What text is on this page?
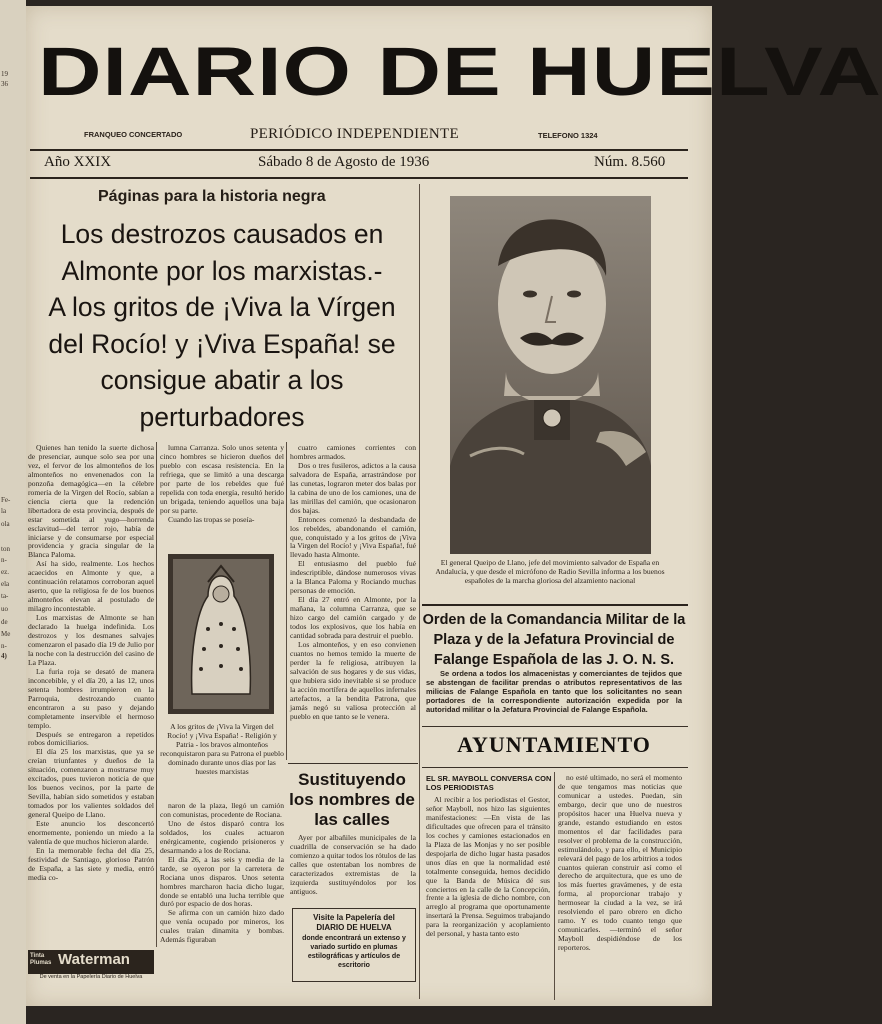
19
36
Fe-
la
ola
ton
n-
ez.
ela
ta-
uo
de
Me
n-
4)
DIARIO DE HUELVA
FRANQUEO CONCERTADO	PERIÓDICO INDEPENDIENTE	TELEFONO 1324
Año XXIX	Sábado 8 de Agosto de 1936	Núm. 8.560
Páginas para la historia negra
Los destrozos causados en
Almonte por los marxistas.-
A los gritos de ¡Viva la Vírgen
del Rocío! y ¡Viva España! se
consigue abatir a los
perturbadores

Quienes han tenido la suerte dichosa de presenciar, aunque solo sea por una vez, el fervor de los almonteños de los almonteños no envenenados con la ponzoña demagógica—en la célebre romería de la Virgen del Rocío, sabían a ciencia cierta que la redención libertadora de esta provincia, después de estar sometida al yugo—horrenda esclavitud—del terror rojo, había de iniciarse y de consumarse por especial providencia y gracia singular de la Blanca Paloma.

Así ha sido, realmente. Los hechos acaecidos en Almonte y que, a continuación relatamos corroboran aquel aserto, que la religiosa fe de los buenos almonteños elevan al postulado de milagro incontestable.

Los marxistas de Almonte se han declarado la huelga indefinida. Los destrozos y los desmanes salvajes comenzaron el pasado día 19 de Julio por la noche con la destrucción del casino de La Plaza.

La furia roja se desató de manera inconcebible, y el día 20, a las 12, unos setenta hombres irrumpieron en la Parroquia, destrozando cuanto encontraron a su paso y dejando completamente inservible el hermoso templo.

Después se entregaron a repetidos robos domiciliarios.

El día 25 los marxistas, que ya se creían triunfantes y dueños de la situación, comenzaron a mostrarse muy excitados, pues tuvieron noticia de que los buenos vecinos, por la parte de Sevilla, habían sido sometidos y estaban tomados por los valientes soldados del general Queipo de Llano.

Este anuncio los desconcertó enormemente, poniendo un miedo a la valentía de que muchos hicieron alarde.

En la memorable fecha del día 25, festividad de Santiago, glorioso Patrón de España, a las siete y media, entró media co-

lumna Carranza. Solo unos setenta y cinco hombres se hicieron dueños del pueblo con escasa resistencia. En la refriega, que se limitó a una descarga por parte de los rebeldes que fué repelida con toda energía, resultó herido un brigada, teniendo aquellos una baja por su parte.

Cuando las tropas se poseía-

A los gritos de ¡Viva la Virgen del Rocío! y ¡Viva España! - Religión y Patria - los bravos almonteños reconquistaron para su Patrona el pueblo dominado durante unos días por las huestes marxistas

naron de la plaza, llegó un camión con comunistas, procedente de Rociana.

Uno de éstos disparó contra los soldados, los cuales actuaron enérgicamente, cogiendo prisioneros y desarmando a los de Rociana.

El día 26, a las seis y media de la tarde, se oyeron por la carretera de Rociana unos disparos. Unos setenta hombres marcharon hacia dicho lugar, donde se entabló una lucha terrible que duró por espacio de dos horas.

Se afirma con un camión hizo dado que venía ocupado por mineros, los cuales traían dinamita y bombas. Además figuraban

cuatro camiones corrientes con hombres armados.

Dos o tres fusileros, adictos a la causa salvadora de España, arrastrándose por las cunetas, lograron meter dos balas por la cabina de uno de los camiones, una de las mirillas del camión, que ocasionaron dos bajas.

Entonces comenzó la desbandada de los rebeldes, abandonando el camión, que, conquistado y a los gritos de ¡Viva la Virgen del Rocío! y ¡Viva España!, fué llevado hasta Almonte.

El entusiasmo del pueblo fué indescriptible, dándose numerosos vivas a la Blanca Paloma y Rociando muchas personas de emoción.

El día 27 entró en Almonte, por la mañana, la columna Carranza, que se hizo cargo del camión cargado y de todos los explosivos, que los había en cantidad sobrada para destruir el pueblo.

Los almonteños, y en eso convienen cuantos no hemos temido la muerte de perder la fe religiosa, atribuyen la salvación de sus hogares y de sus vidas, que hubiera sido inevitable si se produce la acción mortífera de aquellos infernales artefactos, a la bendita Patrona, que jamás negó su valiosa protección al pueblo en que tanto se le venera.

Sustituyendo los nombres de las calles

Ayer por albañiles municipales de la cuadrilla de conservación se ha dado comienzo a quitar todos los rótulos de las calles que ostentaban los nombres de caracterizados extremistas de la izquierda sustituyéndolos por los antiguos.

Visite la Papelería del
DIARIO DE HUELVA
donde encontrará un extenso y variado surtido en plumas estilográficas y artículos de escritorio
Tinta Plumas Waterman
De venta en la Papelería Diario de Huelva
El general Queipo de Llano, jefe del movimiento salvador de España en Andalucía, y que desde el micrófono de Radio Sevilla informa a los buenos españoles de la marcha gloriosa del alzamiento nacional
Orden de la Comandancia Militar de la Plaza y de la Jefatura Provincial de Falange Española de las J. O. N. S.
Se ordena a todos los almacenistas y comerciantes de tejidos que se abstengan de facilitar prendas o atributos representativos de las milicias de Falange Española en tanto que los solicitantes no sean portadores de la correspondiente autorización expedida por la autoridad militar o la Jefatura Provincial de Falange Española.
AYUNTAMIENTO
EL SR. MAYBOLL CONVERSA CON LOS PERIODISTAS

Al recibir a los periodistas el Gestor, señor Mayboll, nos hizo las siguientes manifestaciones: —En vista de las dificultades que ofrecen para el tránsito los coches y camiones estacionados en la Plaza de las Monjas y no ser posible despojarla de dicho lugar hasta pasados unos días en que la normalidad esté totalmente conseguida, hemos decidido que la Banda de Música dé sus conciertos en la calle de la Concepción, frente a la iglesia de dicho nombre, con arreglo al programa que oportunamente insertará la Prensa. Seguimos trabajando para la reorganización y acoplamiento del personal, y hasta tanto esto

no esté ultimado, no será el momento de que tengamos mas noticias que comunicar a ustedes. Puedan, sin embargo, decir que uno de nuestros propósitos hacer una Huelva nueva y grande, estando estudiando en estos momentos el dar facilidades para resolver el problema de la construcción, estimulándolo, y para ello, el Municipio relevará del pago de los arbitrios a todos cuantos quieran construir así como el derecho de arquitectura, que es uno de los más fuertes gravámenes, y de esta forma, al proporcionar trabajo y hermosear la ciudad a la vez, se irá resolviendo el paro obrero en dicho ramo. Y es todo cuanto tengo que comunicarles. —terminó el señor Mayboll despidiéndose de los reporteros.
